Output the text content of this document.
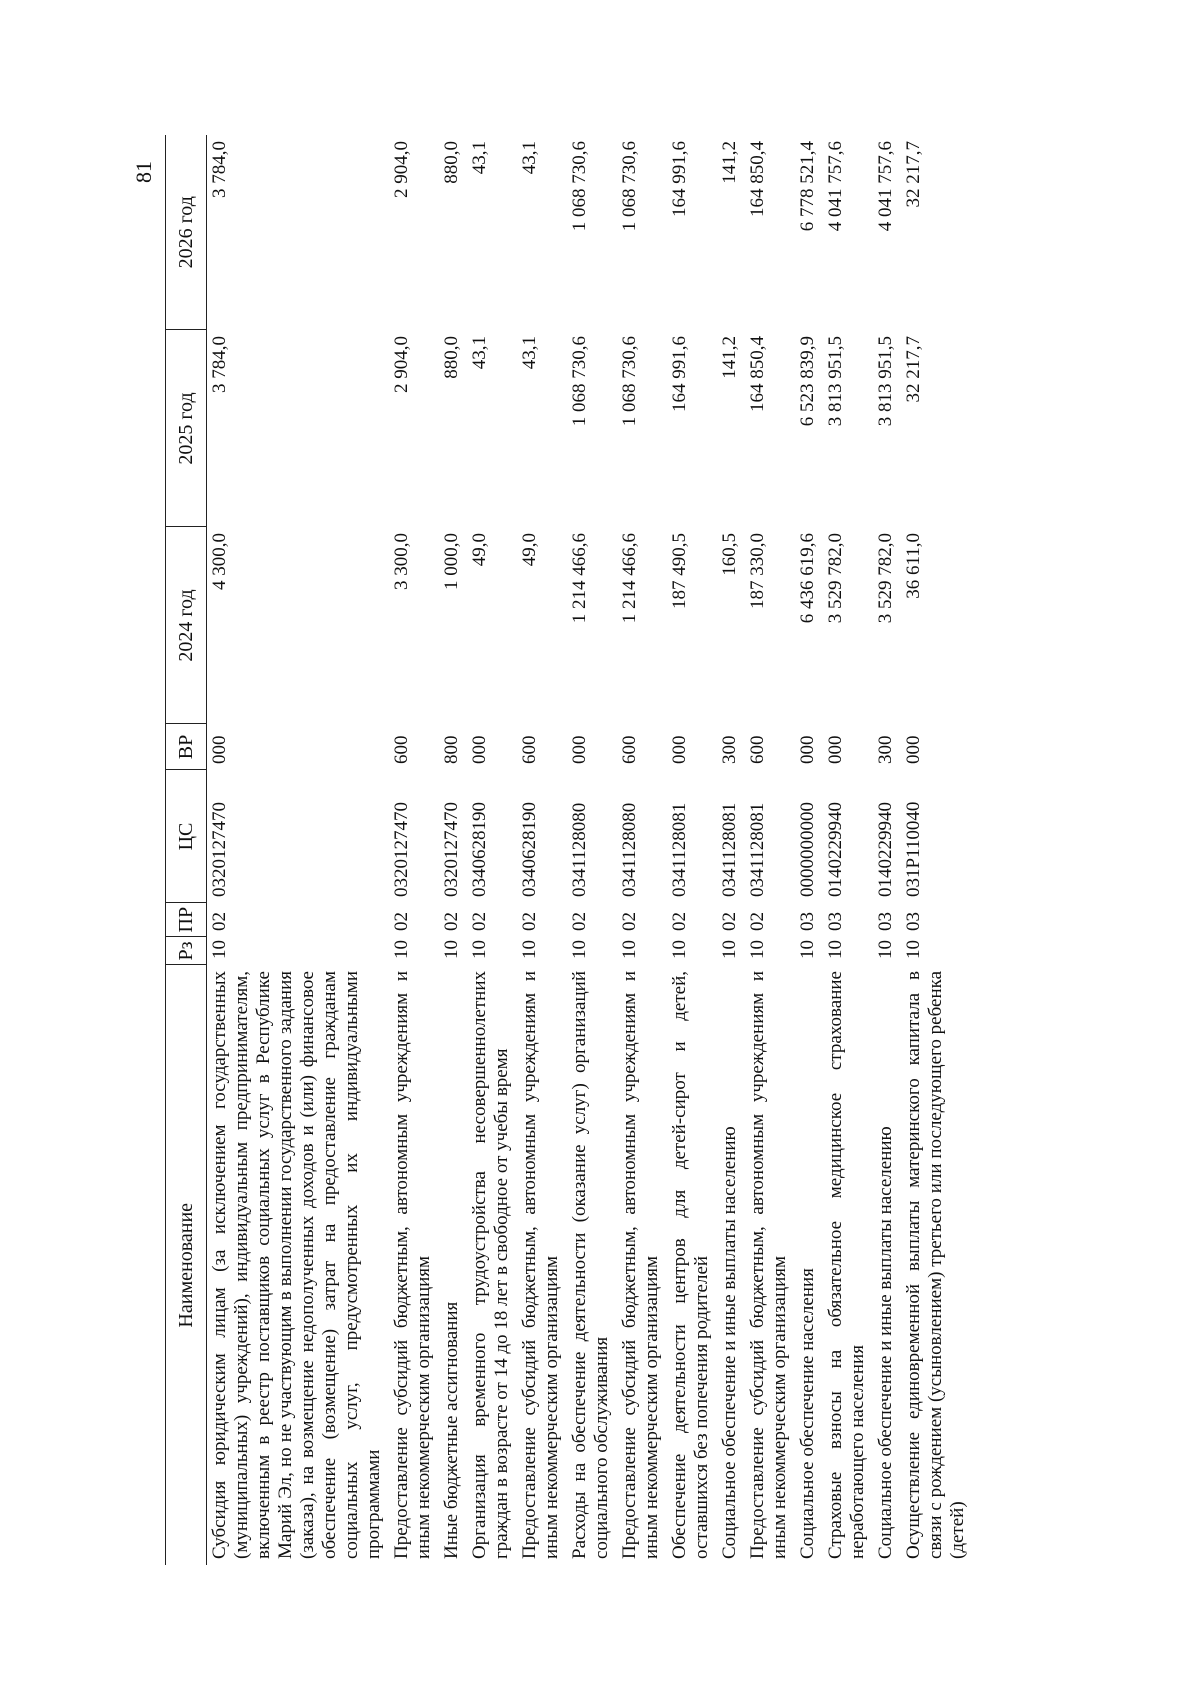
81
Наименование	Рз	ПР	ЦС	ВР	2024 год	2025 год	2026 год
Субсидия юридическим лицам (за исключением государственных (муниципальных) учреждений), индивидуальным предпринимателям, включенным в реестр поставщиков социальных услуг в Республике Марий Эл, но не участвующим в выполнении государственного задания (заказа), на возмещение недополученных доходов и (или) финансовое обеспечение (возмещение) затрат на предоставление гражданам социальных услуг, предусмотренных их индивидуальными программами	10	02	0320127470	000	4 300,0	3 784,0	3 784,0
Предоставление субсидий бюджетным, автономным учреждениям и иным некоммерческим организациям	10	02	0320127470	600	3 300,0	2 904,0	2 904,0
Иные бюджетные ассигнования	10	02	0320127470	800	1 000,0	880,0	880,0
Организация временного трудоустройства несовершеннолетних граждан в возрасте от 14 до 18 лет в свободное от учебы время	10	02	0340628190	000	49,0	43,1	43,1
Предоставление субсидий бюджетным, автономным учреждениям и иным некоммерческим организациям	10	02	0340628190	600	49,0	43,1	43,1
Расходы на обеспечение деятельности (оказание услуг) организаций социального обслуживания	10	02	0341128080	000	1 214 466,6	1 068 730,6	1 068 730,6
Предоставление субсидий бюджетным, автономным учреждениям и иным некоммерческим организациям	10	02	0341128080	600	1 214 466,6	1 068 730,6	1 068 730,6
Обеспечение деятельности центров для детей-сирот и детей, оставшихся без попечения родителей	10	02	0341128081	000	187 490,5	164 991,6	164 991,6
Социальное обеспечение и иные выплаты населению	10	02	0341128081	300	160,5	141,2	141,2
Предоставление субсидий бюджетным, автономным учреждениям и иным некоммерческим организациям	10	02	0341128081	600	187 330,0	164 850,4	164 850,4
Социальное обеспечение населения	10	03	0000000000	000	6 436 619,6	6 523 839,9	6 778 521,4
Страховые взносы на обязательное медицинское страхование неработающего населения	10	03	0140229940	000	3 529 782,0	3 813 951,5	4 041 757,6
Социальное обеспечение и иные выплаты населению	10	03	0140229940	300	3 529 782,0	3 813 951,5	4 041 757,6
Осуществление единовременной выплаты материнского капитала в связи с рождением (усыновлением) третьего или последующего ребенка (детей)	10	03	031Р110040	000	36 611,0	32 217,7	32 217,7
